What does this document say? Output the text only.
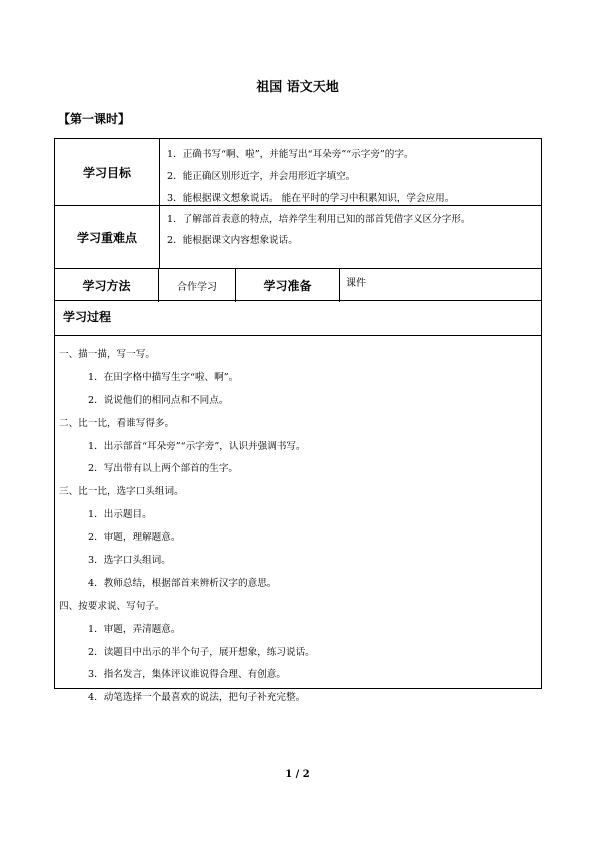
祖国 语文天地
【第一课时】
学习目标
1．正确书写“啊、啦”，并能写出“耳朵旁”“示字旁”的字。
2．能正确区别形近字，并会用形近字填空。
3．能根据课文想象说话。 能在平时的学习中积累知识，学会应用。
学习重难点
1．了解部首表意的特点，培养学生利用已知的部首凭借字义区分字形。
2．能根据课文内容想象说话。
学习方法	合作学习	学习准备	课件
学习过程
一、描一描，写一写。
1．在田字格中描写生字“啦、啊”。
2．说说他们的相同点和不同点。
二、比一比，看谁写得多。
1．出示部首“耳朵旁”“示字旁”，认识并强调书写。
2．写出带有以上两个部首的生字。
三、比一比，选字口头组词。
1．出示题目。
2．审题，理解题意。
3．选字口头组词。
4．教师总结，根据部首来辨析汉字的意思。
四、按要求说、写句子。
1．审题，弄清题意。
2．读题目中出示的半个句子，展开想象，练习说话。
3．指名发言，集体评议谁说得合理、有创意。
4．动笔选择一个最喜欢的说法，把句子补充完整。
1 / 2
